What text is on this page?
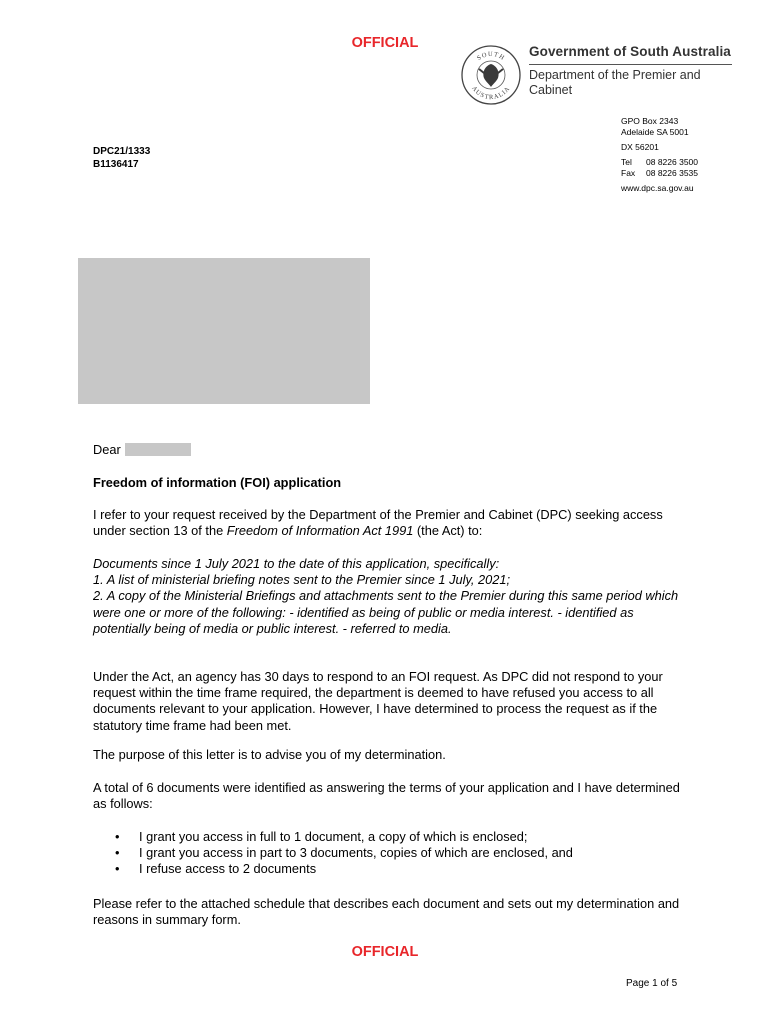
OFFICIAL
SOUTH
AUSTRALIA
Government of South Australia
Department of the Premier and Cabinet
GPO Box 2343
Adelaide SA 5001
DX 56201
Tel	08 8226 3500
Fax	08 8226 3535
www.dpc.sa.gov.au
DPC21/1333
B1136417
Dear
Freedom of information (FOI) application
I refer to your request received by the Department of the Premier and Cabinet (DPC) seeking access under section 13 of the Freedom of Information Act 1991 (the Act) to:
Documents since 1 July 2021 to the date of this application, specifically:
1. A list of ministerial briefing notes sent to the Premier since 1 July, 2021;
2. A copy of the Ministerial Briefings and attachments sent to the Premier during this same period which were one or more of the following: - identified as being of public or media interest. - identified as potentially being of media or public interest. - referred to media.
Under the Act, an agency has 30 days to respond to an FOI request. As DPC did not respond to your request within the time frame required, the department is deemed to have refused you access to all documents relevant to your application. However, I have determined to process the request as if the statutory time frame had been met.
The purpose of this letter is to advise you of my determination.
A total of 6 documents were identified as answering the terms of your application and I have determined as follows:
• I grant you access in full to 1 document, a copy of which is enclosed;
• I grant you access in part to 3 documents, copies of which are enclosed, and
• I refuse access to 2 documents
Please refer to the attached schedule that describes each document and sets out my determination and reasons in summary form.
OFFICIAL
Page 1 of 5
